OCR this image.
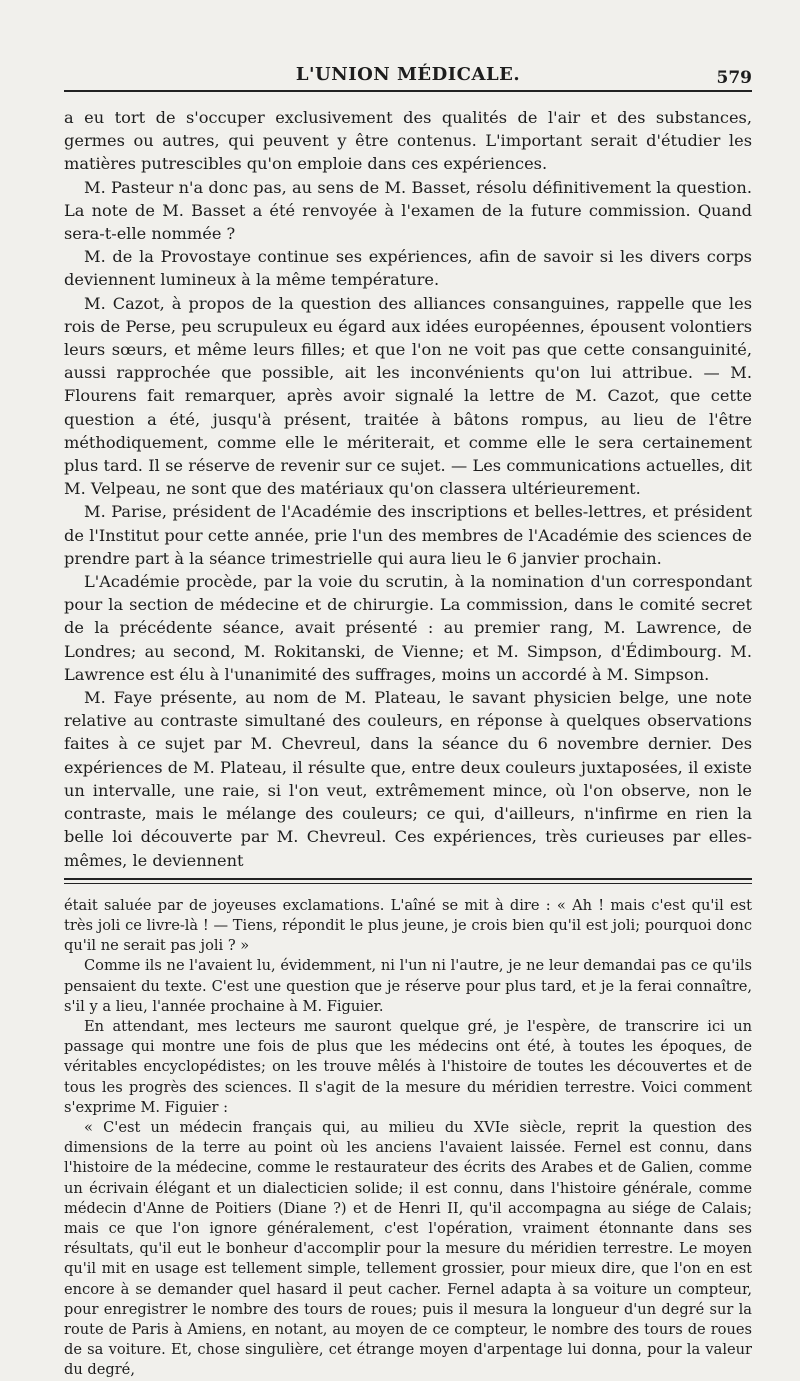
L'UNION MÉDICALE.	579

a eu tort de s'occuper exclusivement des qualités de l'air et des substances, germes ou autres, qui peuvent y être contenus. L'important serait d'étudier les matières putrescibles qu'on emploie dans ces expériences.

M. Pasteur n'a donc pas, au sens de M. Basset, résolu définitivement la question. La note de M. Basset a été renvoyée à l'examen de la future commission. Quand sera-t-elle nommée ?

M. de la Provostaye continue ses expériences, afin de savoir si les divers corps deviennent lumineux à la même température.

M. Cazot, à propos de la question des alliances consanguines, rappelle que les rois de Perse, peu scrupuleux eu égard aux idées européennes, épousent volontiers leurs sœurs, et même leurs filles; et que l'on ne voit pas que cette consanguinité, aussi rapprochée que possible, ait les inconvénients qu'on lui attribue. — M. Flourens fait remarquer, après avoir signalé la lettre de M. Cazot, que cette question a été, jusqu'à présent, traitée à bâtons rompus, au lieu de l'être méthodiquement, comme elle le mériterait, et comme elle le sera certainement plus tard. Il se réserve de revenir sur ce sujet. — Les communications actuelles, dit M. Velpeau, ne sont que des matériaux qu'on classera ultérieurement.

M. Parise, président de l'Académie des inscriptions et belles-lettres, et président de l'Institut pour cette année, prie l'un des membres de l'Académie des sciences de prendre part à la séance trimestrielle qui aura lieu le 6 janvier prochain.

L'Académie procède, par la voie du scrutin, à la nomination d'un correspondant pour la section de médecine et de chirurgie. La commission, dans le comité secret de la précédente séance, avait présenté : au premier rang, M. Lawrence, de Londres; au second, M. Rokitanski, de Vienne; et M. Simpson, d'Édimbourg. M. Lawrence est élu à l'unanimité des suffrages, moins un accordé à M. Simpson.

M. Faye présente, au nom de M. Plateau, le savant physicien belge, une note relative au contraste simultané des couleurs, en réponse à quelques observations faites à ce sujet par M. Chevreul, dans la séance du 6 novembre dernier. Des expériences de M. Plateau, il résulte que, entre deux couleurs juxtaposées, il existe un intervalle, une raie, si l'on veut, extrêmement mince, où l'on observe, non le contraste, mais le mélange des couleurs; ce qui, d'ailleurs, n'infirme en rien la belle loi découverte par M. Chevreul. Ces expériences, très curieuses par elles-mêmes, le deviennent

était saluée par de joyeuses exclamations. L'aîné se mit à dire : « Ah ! mais c'est qu'il est très joli ce livre-là ! — Tiens, répondit le plus jeune, je crois bien qu'il est joli; pourquoi donc qu'il ne serait pas joli ? »

Comme ils ne l'avaient lu, évidemment, ni l'un ni l'autre, je ne leur demandai pas ce qu'ils pensaient du texte. C'est une question que je réserve pour plus tard, et je la ferai connaître, s'il y a lieu, l'année prochaine à M. Figuier.

En attendant, mes lecteurs me sauront quelque gré, je l'espère, de transcrire ici un passage qui montre une fois de plus que les médecins ont été, à toutes les époques, de véritables encyclopédistes; on les trouve mêlés à l'histoire de toutes les découvertes et de tous les progrès des sciences. Il s'agit de la mesure du méridien terrestre. Voici comment s'exprime M. Figuier :

« C'est un médecin français qui, au milieu du XVIe siècle, reprit la question des dimensions de la terre au point où les anciens l'avaient laissée. Fernel est connu, dans l'histoire de la médecine, comme le restaurateur des écrits des Arabes et de Galien, comme un écrivain élégant et un dialecticien solide; il est connu, dans l'histoire générale, comme médecin d'Anne de Poitiers (Diane ?) et de Henri II, qu'il accompagna au siége de Calais; mais ce que l'on ignore généralement, c'est l'opération, vraiment étonnante dans ses résultats, qu'il eut le bonheur d'accomplir pour la mesure du méridien terrestre. Le moyen qu'il mit en usage est tellement simple, tellement grossier, pour mieux dire, que l'on en est encore à se demander quel hasard il peut cacher. Fernel adapta à sa voiture un compteur, pour enregistrer le nombre des tours de roues; puis il mesura la longueur d'un degré sur la route de Paris à Amiens, en notant, au moyen de ce compteur, le nombre des tours de roues de sa voiture. Et, chose singulière, cet étrange moyen d'arpentage lui donna, pour la valeur du degré,
